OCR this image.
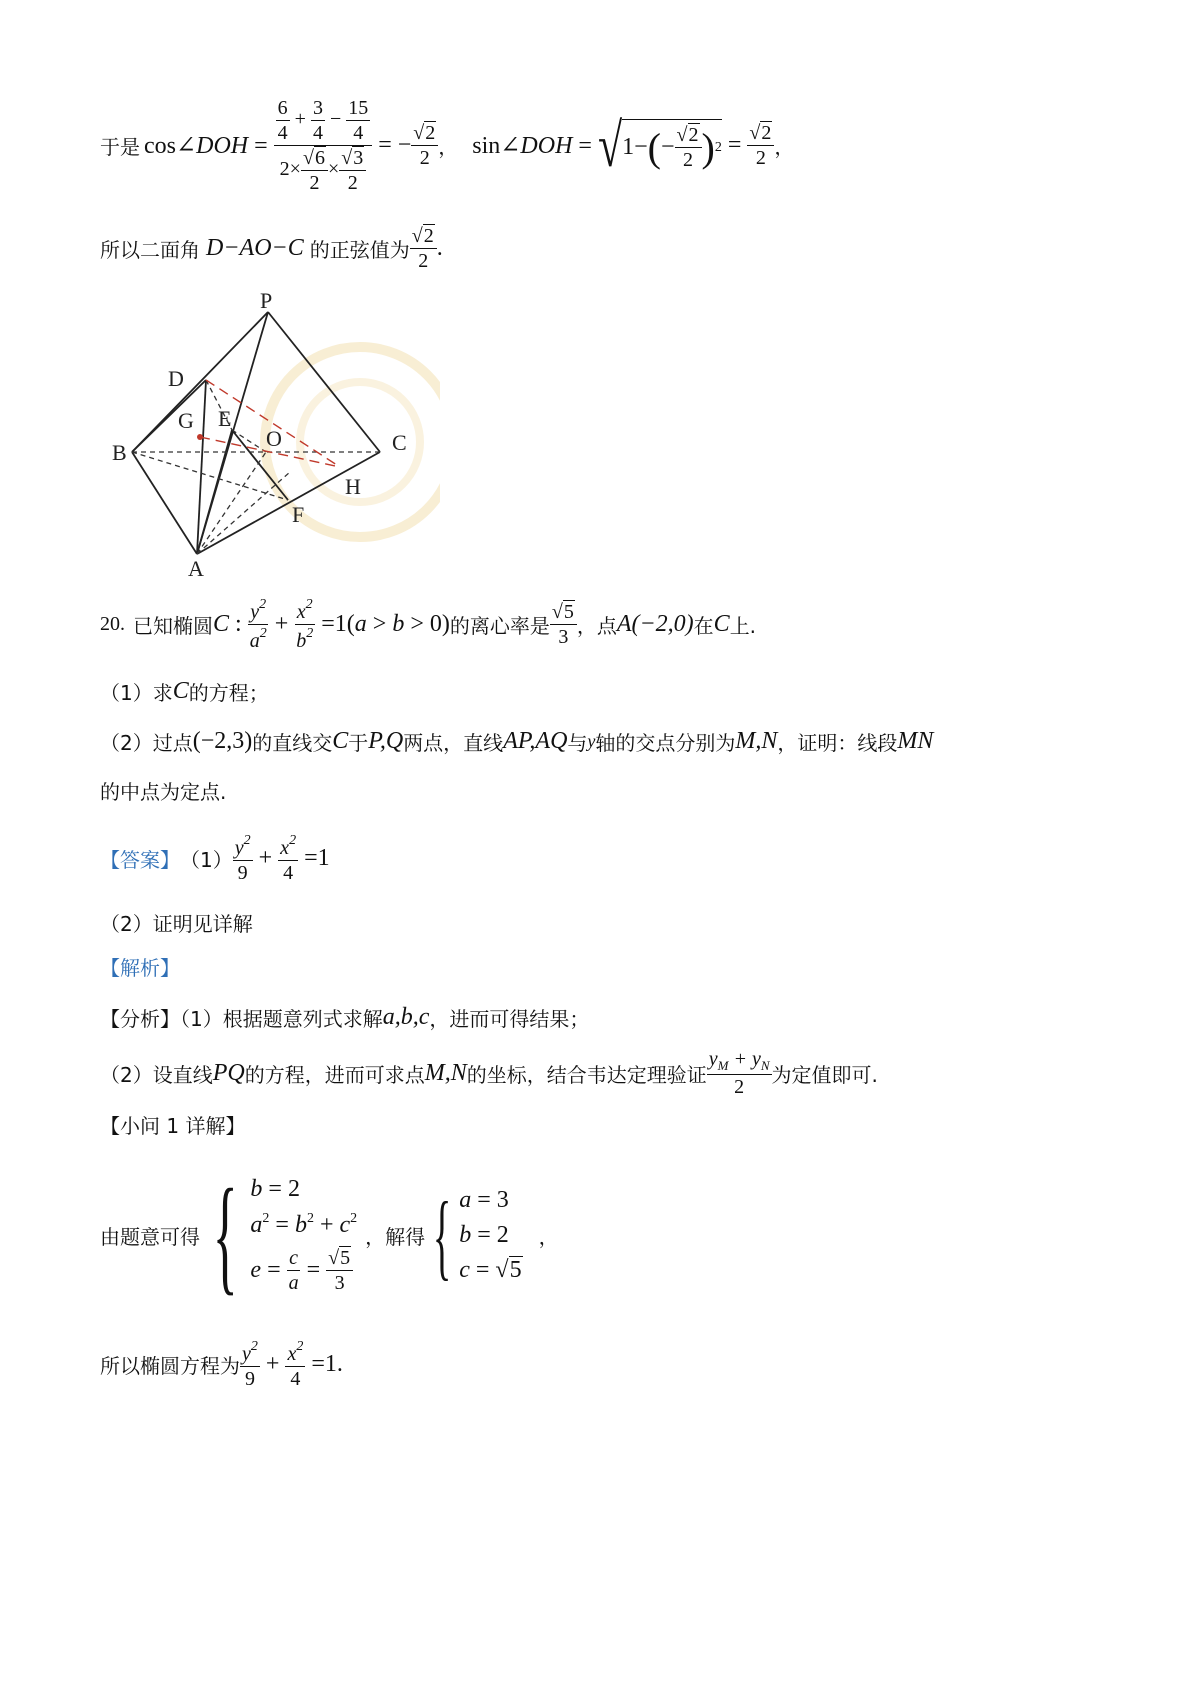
于是 cos∠DOH = $\frac{\frac{6}{4} + \frac{3}{4} - \frac{15}{4}}{2\times \frac{√6}{2} \times \frac{√3}{2}}$ = − $\frac{√2}{2}$ ， sin∠DOH = √ 1− ( − $\frac{√2}{2}$ ) $2 = \frac{√2}{2}$ ，
所以二面角 D−AO−C 的正弦值为 $\frac{√2}{2}$ .
P
D
G E
O	C
B
H
F
A
20. 已知椭圆 C : $\frac{y^2}{a^2} + \frac{x^2}{b^2} =1(a > b > 0)$ 的离心率是 $\frac{√5}{3}$ ，点 A(−2,0) 在 C 上.
（1）求 C 的方程；
（2）过点 (−2,3) 的直线交 C 于 P,Q 两点，直线 AP,AQ 与 y 轴的交点分别为 M,N ，证明：线段 MN
的中点为定点.
【答案】 $(1) \frac{y^2}{9} + \frac{x^2}{4} =1$
（2）证明见详解
【解析】
【分析】（1）根据题意列式求解 a,b,c ，进而可得结果；
（2）设直线 PQ 的方程，进而可求点 M,N 的坐标，结合韦达定理验证 $\frac{y_M + y_N}{2}$ 为定值即可.
【小问 1 详解】
由题意可得 { b = 2
$a^2 = b^2 + c^2$
$e = \frac{c}{a} = \frac{√5}{3}$
，解得 { a = 3
b = 2
c = √5
，
所以椭圆方程为 $\frac{y^2}{9} + \frac{x^2}{4} =1$.
